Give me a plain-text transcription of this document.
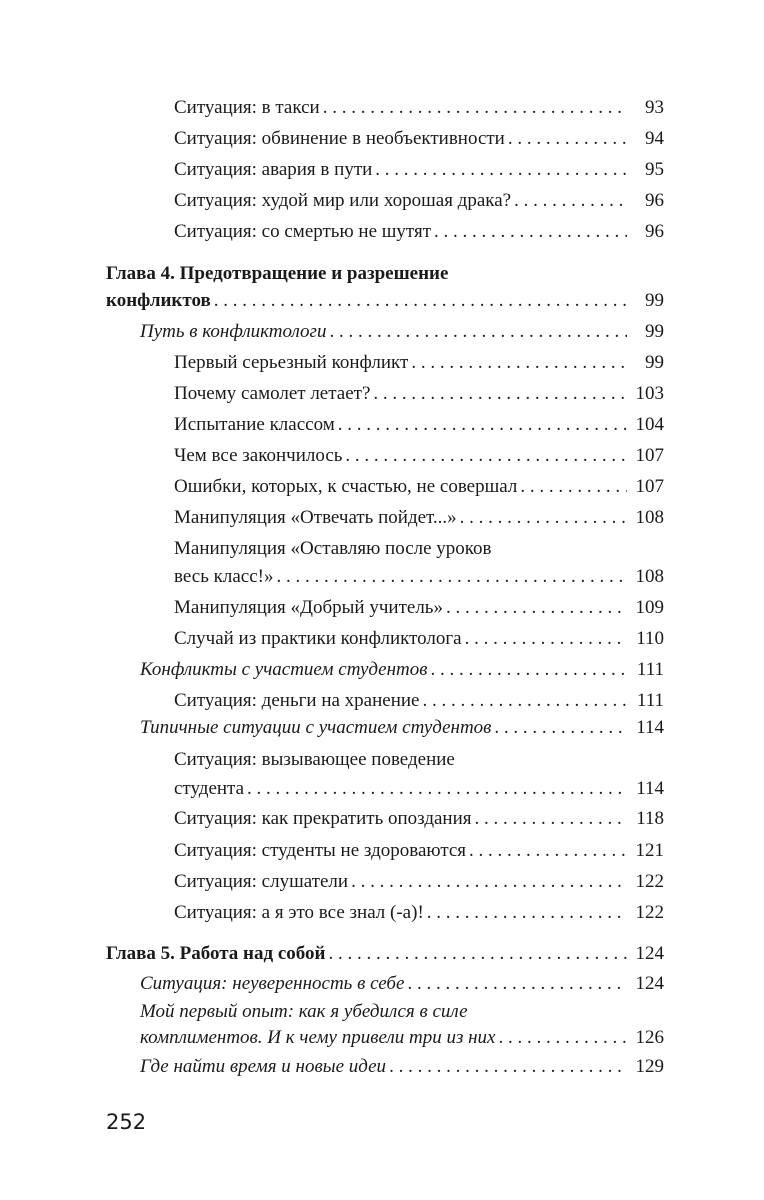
Ситуация: в такси . . .	93
Ситуация: обвинение в необъективности . . .	94
Ситуация: авария в пути . . .	95
Ситуация: худой мир или хорошая драка? . . .	96
Ситуация: со смертью не шутят . . .	96
Глава 4. Предотвращение и разрешение
конфликтов . . .	99
Путь в конфликтологи . . .	99
Первый серьезный конфликт . . .	99
Почему самолет летает? . . .	103
Испытание классом . . .	104
Чем все закончилось . . .	107
Ошибки, которых, к счастью, не совершал . . .	107
Манипуляция «Отвечать пойдет...» . . .	108
Манипуляция «Оставляю после уроков
весь класс!» . . .	108
Манипуляция «Добрый учитель» . . .	109
Случай из практики конфликтолога . . .	110
Конфликты с участием студентов . . .	111
Ситуация: деньги на хранение . . .	111
Типичные ситуации с участием студентов . . .	114
Ситуация: вызывающее поведение
студента . . .	114
Ситуация: как прекратить опоздания . . .	118
Ситуация: студенты не здороваются . . .	121
Ситуация: слушатели . . .	122
Ситуация: а я это все знал (-а)! . . .	122
Глава 5. Работа над собой . . .	124
Ситуация: неуверенность в себе . . .	124
Мой первый опыт: как я убедился в силе
комплиментов. И к чему привели три из них . . .	126
Где найти время и новые идеи . . .	129
252
